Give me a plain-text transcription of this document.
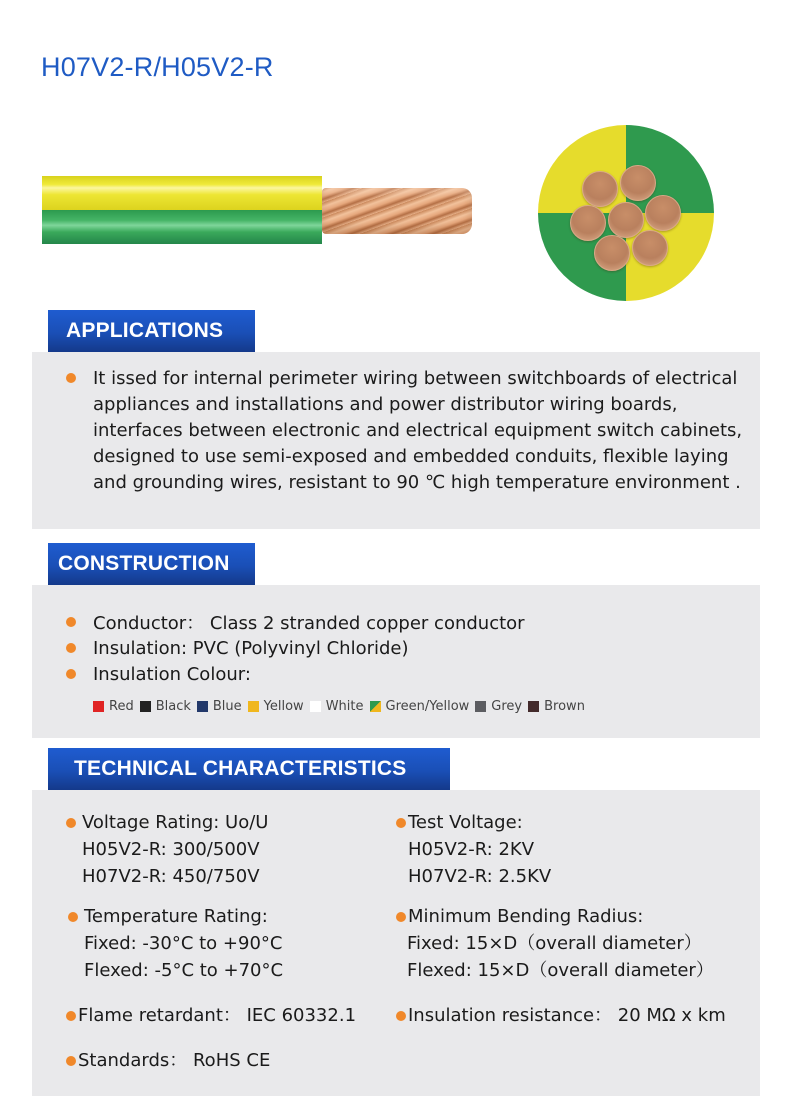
H07V2-R/H05V2-R
APPLICATIONS
It issed for internal perimeter wiring between switchboards of electrical appliances and installations and power distributor wiring boards, interfaces between electronic and electrical equipment switch cabinets, designed to use semi-exposed and embedded conduits, flexible laying and grounding wires, resistant to 90 ℃ high temperature environment .
CONSTRUCTION
Conductor： Class 2 stranded copper conductor
Insulation: PVC (Polyvinyl Chloride)
Insulation Colour:
Red Black Blue Yellow White Green/Yellow Grey Brown
TECHNICAL CHARACTERISTICS
Voltage Rating: Uo/U
H05V2-R: 300/500V
H07V2-R: 450/750V
Test Voltage:
H05V2-R: 2KV
H07V2-R: 2.5KV
Temperature Rating:
Fixed: -30°C to +90°C
Flexed: -5°C to +70°C
Minimum Bending Radius:
Fixed: 15×D（overall diameter）
Flexed: 15×D（overall diameter）
Flame retardant： IEC 60332.1	Insulation resistance： 20 MΩ x km
Standards： RoHS CE
